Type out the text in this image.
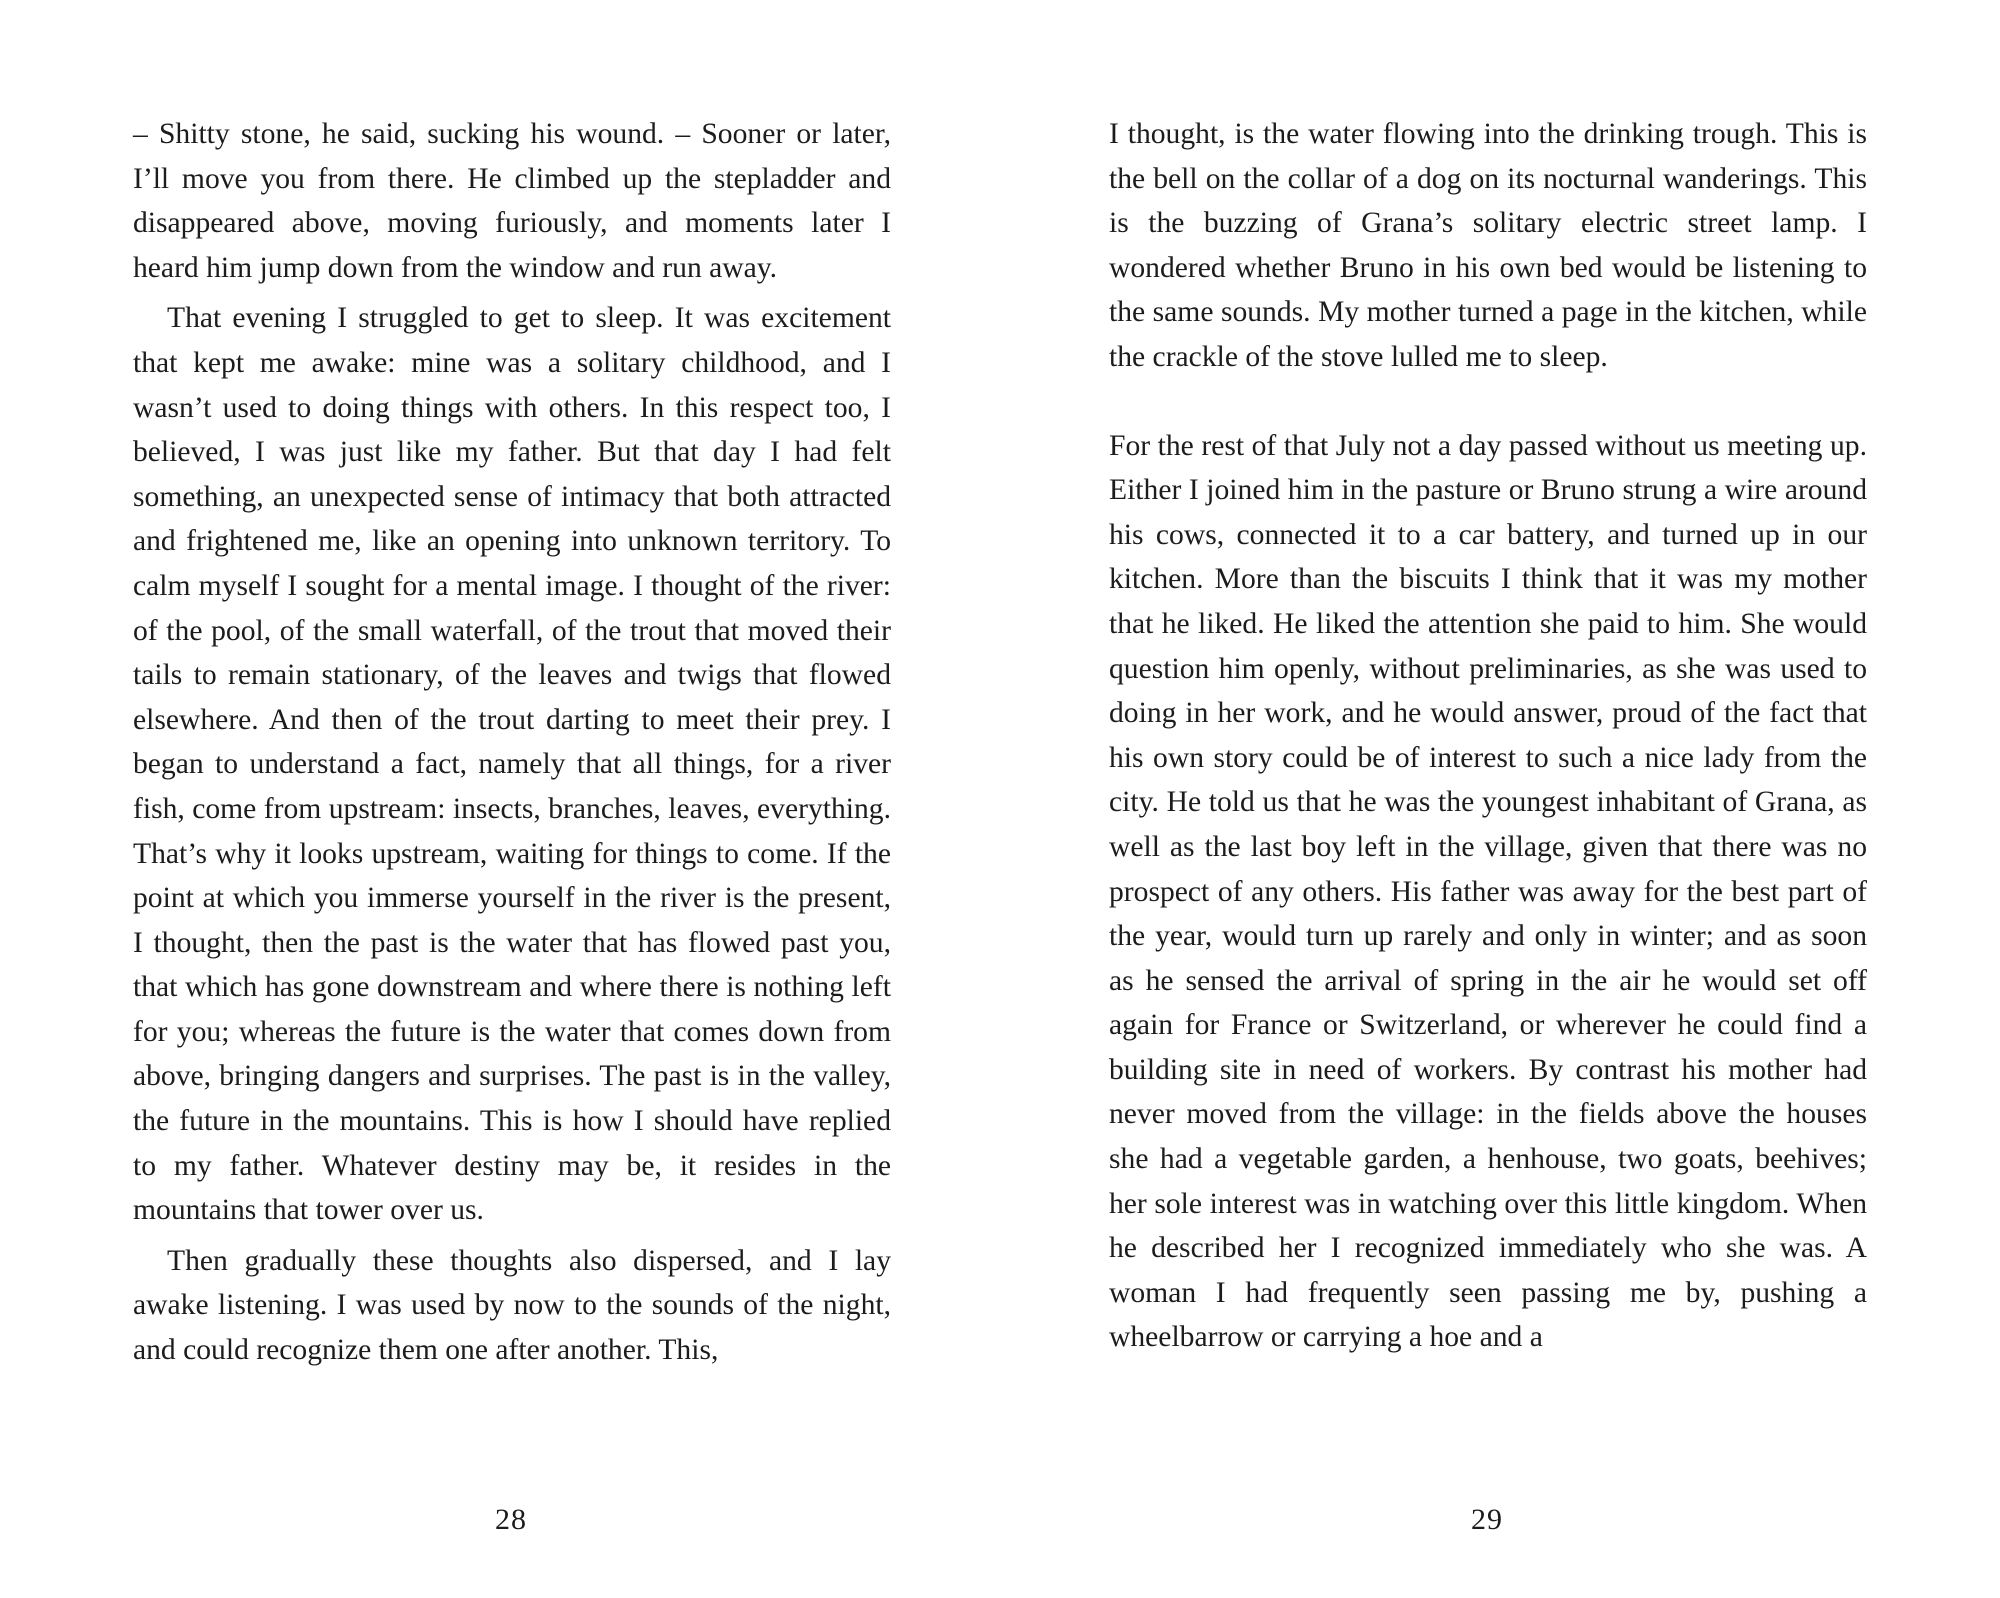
– Shitty stone, he said, sucking his wound. – Sooner or later, I’ll move you from there. He climbed up the stepladder and disappeared above, moving furiously, and moments later I heard him jump down from the window and run away.

That evening I struggled to get to sleep. It was excitement that kept me awake: mine was a solitary childhood, and I wasn’t used to doing things with others. In this respect too, I believed, I was just like my father. But that day I had felt something, an unexpected sense of intimacy that both attracted and frightened me, like an opening into unknown territory. To calm myself I sought for a mental image. I thought of the river: of the pool, of the small waterfall, of the trout that moved their tails to remain stationary, of the leaves and twigs that flowed elsewhere. And then of the trout darting to meet their prey. I began to understand a fact, namely that all things, for a river fish, come from upstream: insects, branches, leaves, everything. That’s why it looks upstream, waiting for things to come. If the point at which you immerse yourself in the river is the present, I thought, then the past is the water that has flowed past you, that which has gone downstream and where there is nothing left for you; whereas the future is the water that comes down from above, bringing dangers and surprises. The past is in the valley, the future in the mountains. This is how I should have replied to my father. Whatever destiny may be, it resides in the mountains that tower over us.

Then gradually these thoughts also dispersed, and I lay awake listening. I was used by now to the sounds of the night, and could recognize them one after another. This,

28

I thought, is the water flowing into the drinking trough. This is the bell on the collar of a dog on its nocturnal wanderings. This is the buzzing of Grana’s solitary electric street lamp. I wondered whether Bruno in his own bed would be listening to the same sounds. My mother turned a page in the kitchen, while the crackle of the stove lulled me to sleep.

For the rest of that July not a day passed without us meeting up. Either I joined him in the pasture or Bruno strung a wire around his cows, connected it to a car battery, and turned up in our kitchen. More than the biscuits I think that it was my mother that he liked. He liked the attention she paid to him. She would question him openly, without preliminaries, as she was used to doing in her work, and he would answer, proud of the fact that his own story could be of interest to such a nice lady from the city. He told us that he was the youngest inhabitant of Grana, as well as the last boy left in the village, given that there was no prospect of any others. His father was away for the best part of the year, would turn up rarely and only in winter; and as soon as he sensed the arrival of spring in the air he would set off again for France or Switzerland, or wherever he could find a building site in need of workers. By contrast his mother had never moved from the village: in the fields above the houses she had a vegetable garden, a henhouse, two goats, beehives; her sole interest was in watching over this little kingdom. When he described her I recognized immediately who she was. A woman I had frequently seen passing me by, pushing a wheelbarrow or carrying a hoe and a

29
